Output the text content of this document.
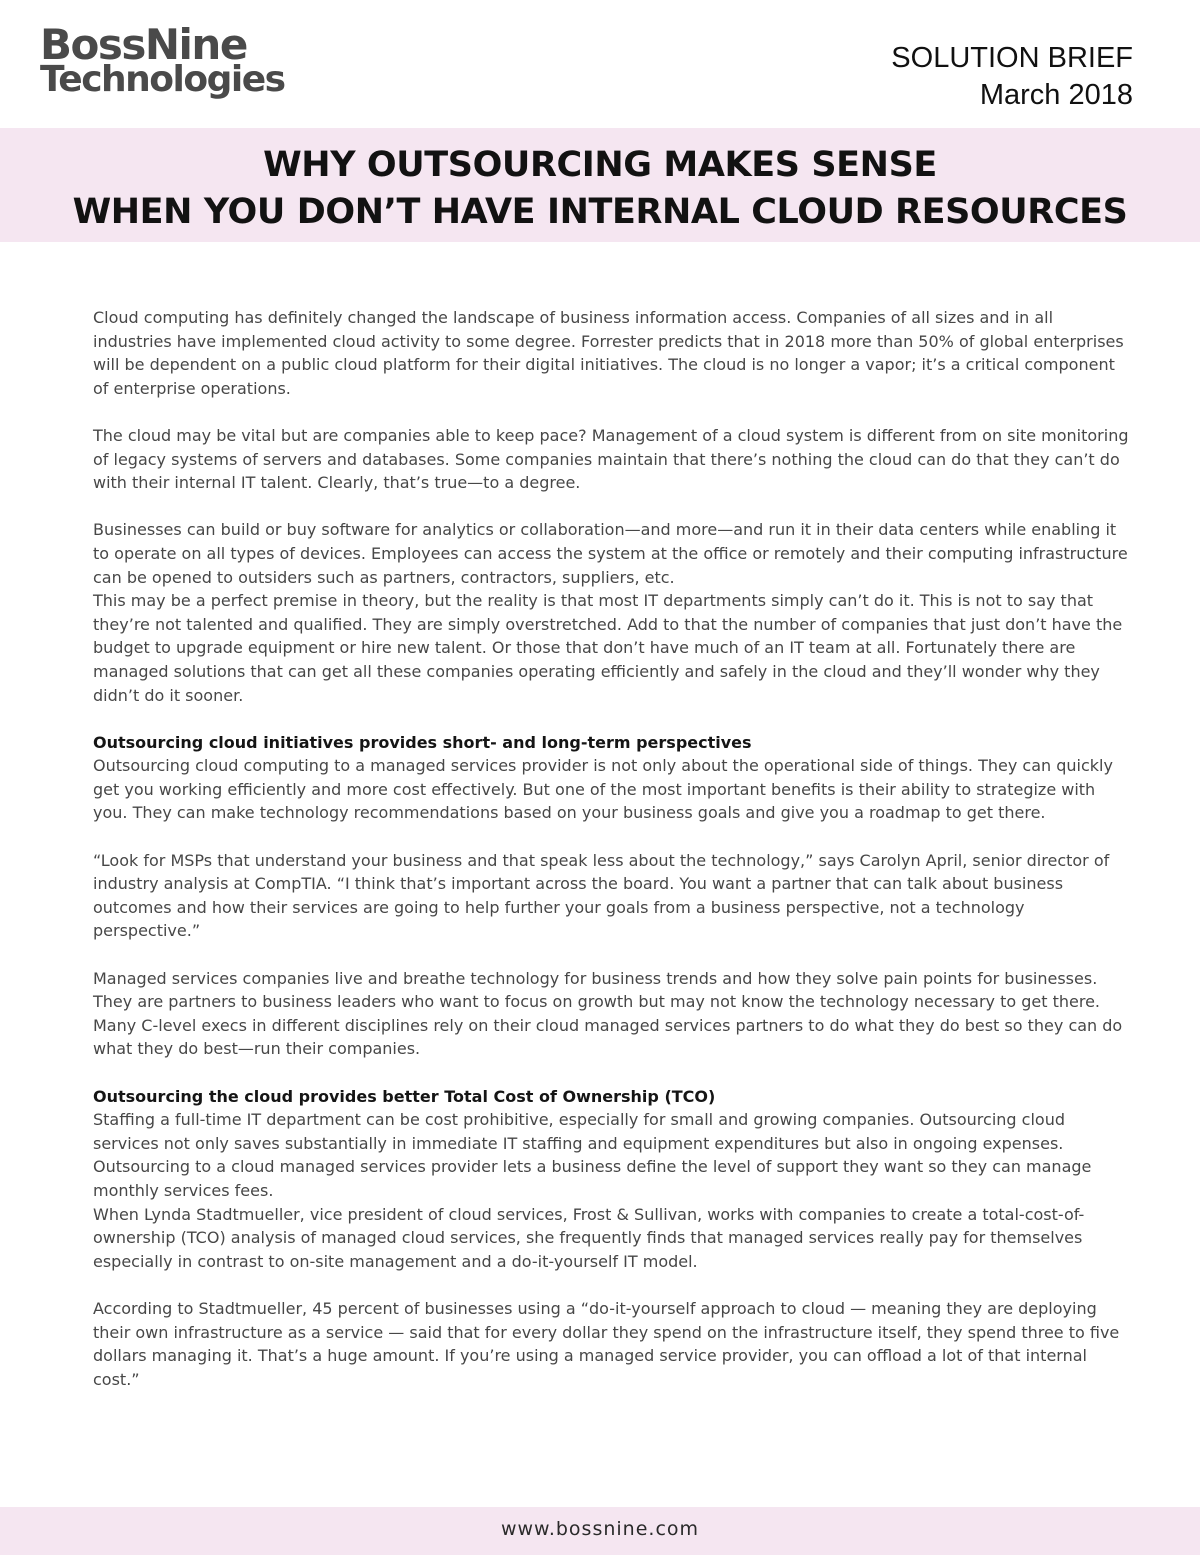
BossNine
Technologies
SOLUTION BRIEF
March 2018
WHY OUTSOURCING MAKES SENSE
WHEN YOU DON’T HAVE INTERNAL CLOUD RESOURCES

Cloud computing has definitely changed the landscape of business information access. Companies of all sizes and in all industries have implemented cloud activity to some degree. Forrester predicts that in 2018 more than 50% of global enterprises will be dependent on a public cloud platform for their digital initiatives. The cloud is no longer a vapor; it’s a critical component of enterprise operations.

The cloud may be vital but are companies able to keep pace? Management of a cloud system is different from on site monitoring of legacy systems of servers and databases. Some companies maintain that there’s nothing the cloud can do that they can’t do with their internal IT talent. Clearly, that’s true—to a degree.

Businesses can build or buy software for analytics or collaboration—and more—and run it in their data centers while enabling it to operate on all types of devices. Employees can access the system at the office or remotely and their computing infrastructure can be opened to outsiders such as partners, contractors, suppliers, etc.

This may be a perfect premise in theory, but the reality is that most IT departments simply can’t do it. This is not to say that they’re not talented and qualified. They are simply overstretched. Add to that the number of companies that just don’t have the budget to upgrade equipment or hire new talent. Or those that don’t have much of an IT team at all. Fortunately there are managed solutions that can get all these companies operating efficiently and safely in the cloud and they’ll wonder why they didn’t do it sooner.

Outsourcing cloud initiatives provides short- and long-term perspectives

Outsourcing cloud computing to a managed services provider is not only about the operational side of things. They can quickly get you working efficiently and more cost effectively. But one of the most important benefits is their ability to strategize with you. They can make technology recommendations based on your business goals and give you a roadmap to get there.

“Look for MSPs that understand your business and that speak less about the technology,” says Carolyn April, senior director of industry analysis at CompTIA. “I think that’s important across the board. You want a partner that can talk about business outcomes and how their services are going to help further your goals from a business perspective, not a technology perspective.”

Managed services companies live and breathe technology for business trends and how they solve pain points for businesses. They are partners to business leaders who want to focus on growth but may not know the technology necessary to get there. Many C-level execs in different disciplines rely on their cloud managed services partners to do what they do best so they can do what they do best—run their companies.

Outsourcing the cloud provides better Total Cost of Ownership (TCO)

Staffing a full-time IT department can be cost prohibitive, especially for small and growing companies. Outsourcing cloud services not only saves substantially in immediate IT staffing and equipment expenditures but also in ongoing expenses. Outsourcing to a cloud managed services provider lets a business define the level of support they want so they can manage monthly services fees.

When Lynda Stadtmueller, vice president of cloud services, Frost & Sullivan, works with companies to create a total-cost-of-ownership (TCO) analysis of managed cloud services, she frequently finds that managed services really pay for themselves especially in contrast to on-site management and a do-it-yourself IT model.

According to Stadtmueller, 45 percent of businesses using a “do-it-yourself approach to cloud — meaning they are deploying their own infrastructure as a service — said that for every dollar they spend on the infrastructure itself, they spend three to five dollars managing it. That’s a huge amount. If you’re using a managed service provider, you can offload a lot of that internal cost.”

www.bossnine.com
